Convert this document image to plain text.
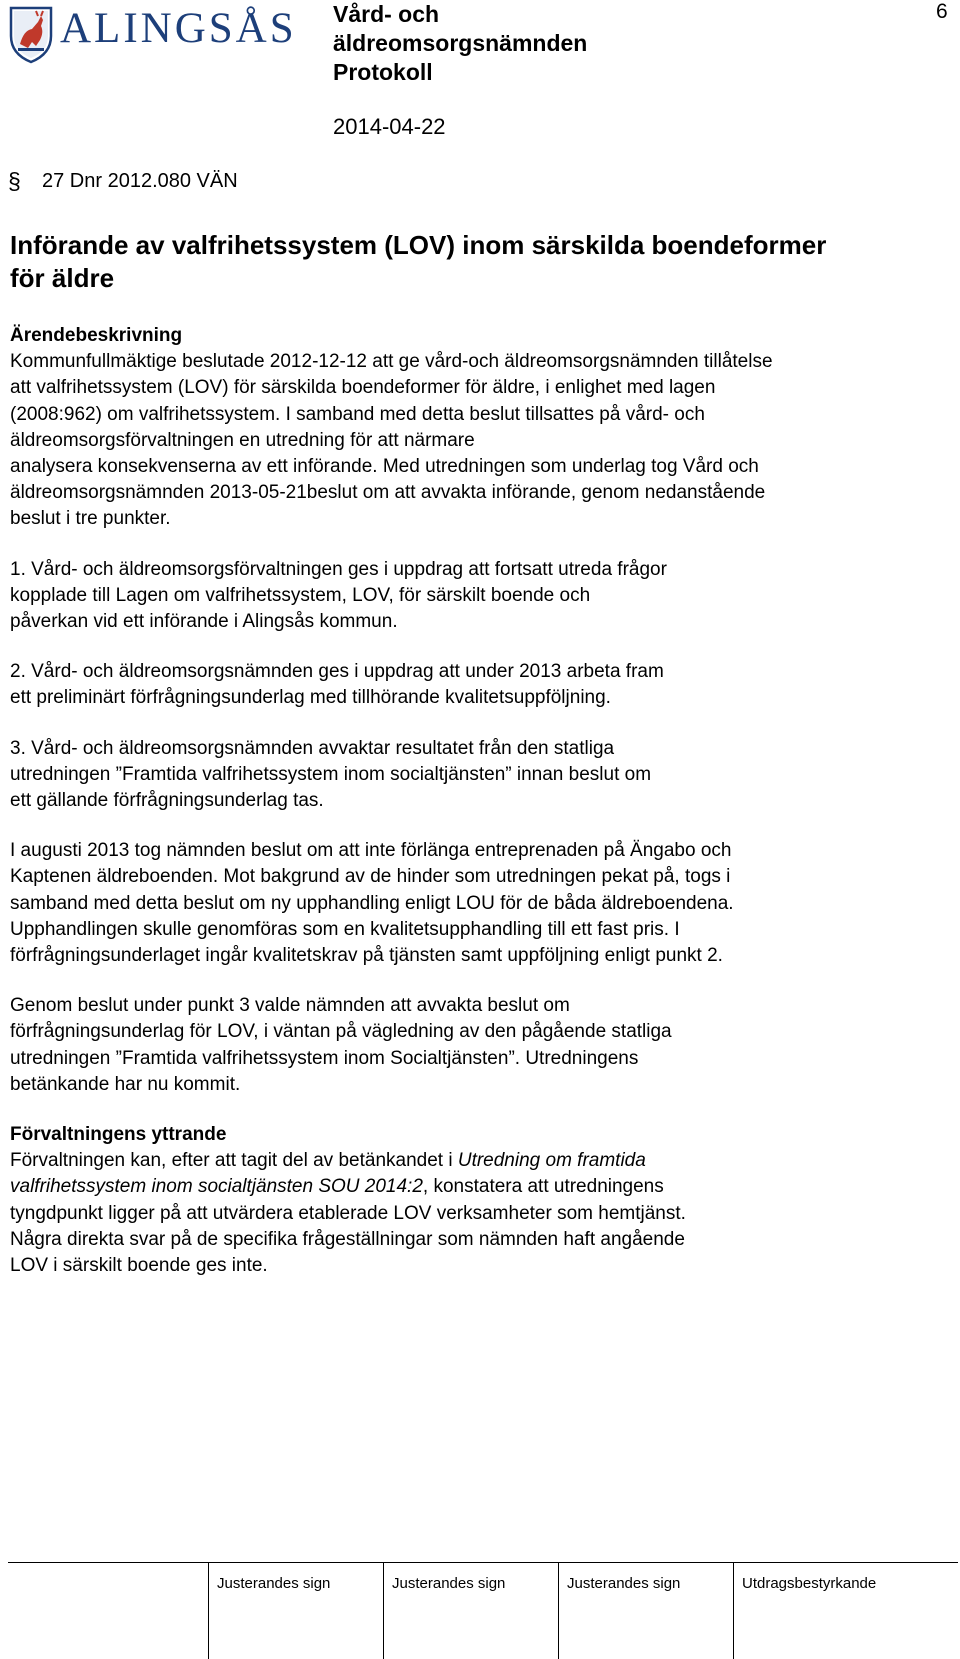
ALINGSÅS Vård- och
äldreomsorgsnämnden
Protokoll
6
2014-04-22
§ 27 Dnr 2012.080 VÄN
Införande av valfrihetssystem (LOV) inom särskilda boendeformer
för äldre
Ärendebeskrivning

Kommunfullmäktige beslutade 2012-12-12 att ge vård-och äldreomsorgsnämnden tillåtelse
att valfrihetssystem (LOV) för särskilda boendeformer för äldre, i enlighet med lagen
(2008:962) om valfrihetssystem. I samband med detta beslut tillsattes på vård- och
äldreomsorgsförvaltningen en utredning för att närmare
analysera konsekvenserna av ett införande. Med utredningen som underlag tog Vård och
äldreomsorgsnämnden 2013-05-21beslut om att avvakta införande, genom nedanstående
beslut i tre punkter.

1. Vård- och äldreomsorgsförvaltningen ges i uppdrag att fortsatt utreda frågor
kopplade till Lagen om valfrihetssystem, LOV, för särskilt boende och
påverkan vid ett införande i Alingsås kommun.

2. Vård- och äldreomsorgsnämnden ges i uppdrag att under 2013 arbeta fram
ett preliminärt förfrågningsunderlag med tillhörande kvalitetsuppföljning.

3. Vård- och äldreomsorgsnämnden avvaktar resultatet från den statliga
utredningen ”Framtida valfrihetssystem inom socialtjänsten” innan beslut om
ett gällande förfrågningsunderlag tas.

I augusti 2013 tog nämnden beslut om att inte förlänga entreprenaden på Ängabo och
Kaptenen äldreboenden. Mot bakgrund av de hinder som utredningen pekat på, togs i
samband med detta beslut om ny upphandling enligt LOU för de båda äldreboendena.
Upphandlingen skulle genomföras som en kvalitetsupphandling till ett fast pris. I
förfrågningsunderlaget ingår kvalitetskrav på tjänsten samt uppföljning enligt punkt 2.

Genom beslut under punkt 3 valde nämnden att avvakta beslut om
förfrågningsunderlag för LOV, i väntan på vägledning av den pågående statliga
utredningen ”Framtida valfrihetssystem inom Socialtjänsten”. Utredningens
betänkande har nu kommit.

Förvaltningens yttrande

Förvaltningen kan, efter att tagit del av betänkandet i Utredning om framtida
valfrihetssystem inom socialtjänsten SOU 2014:2, konstatera att utredningens
tyngdpunkt ligger på att utvärdera etablerade LOV verksamheter som hemtjänst.
Några direkta svar på de specifika frågeställningar som nämnden haft angående
LOV i särskilt boende ges inte.

Justerandes sign	Justerandes sign	Justerandes sign	Utdragsbestyrkande
